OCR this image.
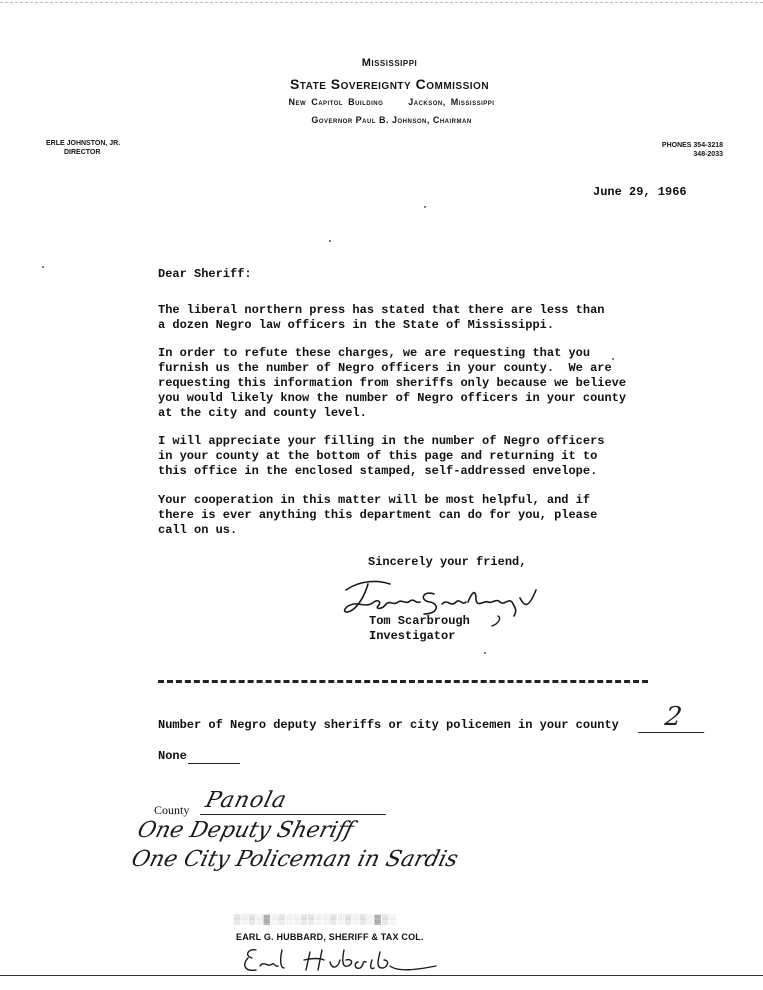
Mississippi
State Sovereignty Commission
New Capitol Building     Jackson, Mississippi
Governor Paul B. Johnson, Chairman
ERLE JOHNSTON, JR.
DIRECTOR
PHONES 354-3218
348-2033
June 29, 1966
Dear Sheriff:

The liberal northern press has stated that there are less than
a dozen Negro law officers in the State of Mississippi.

In order to refute these charges, we are requesting that you
furnish us the number of Negro officers in your county.  We are
requesting this information from sheriffs only because we believe
you would likely know the number of Negro officers in your county
at the city and county level.

I will appreciate your filling in the number of Negro officers
in your county at the bottom of this page and returning it to
this office in the enclosed stamped, self-addressed envelope.

Your cooperation in this matter will be most helpful, and if
there is ever anything this department can do for you, please
call on us.

Sincerely your friend,
Tom Scarbrough
Investigator
Number of Negro deputy sheriffs or city policemen in your county	2
None
County Panola
One Deputy Sheriff
One City Policeman in Sardis
▒░▒░▓░▒░░▒▒░░▒░▒░▒░▓▒░
EARL G. HUBBARD, SHERIFF & TAX COL.
